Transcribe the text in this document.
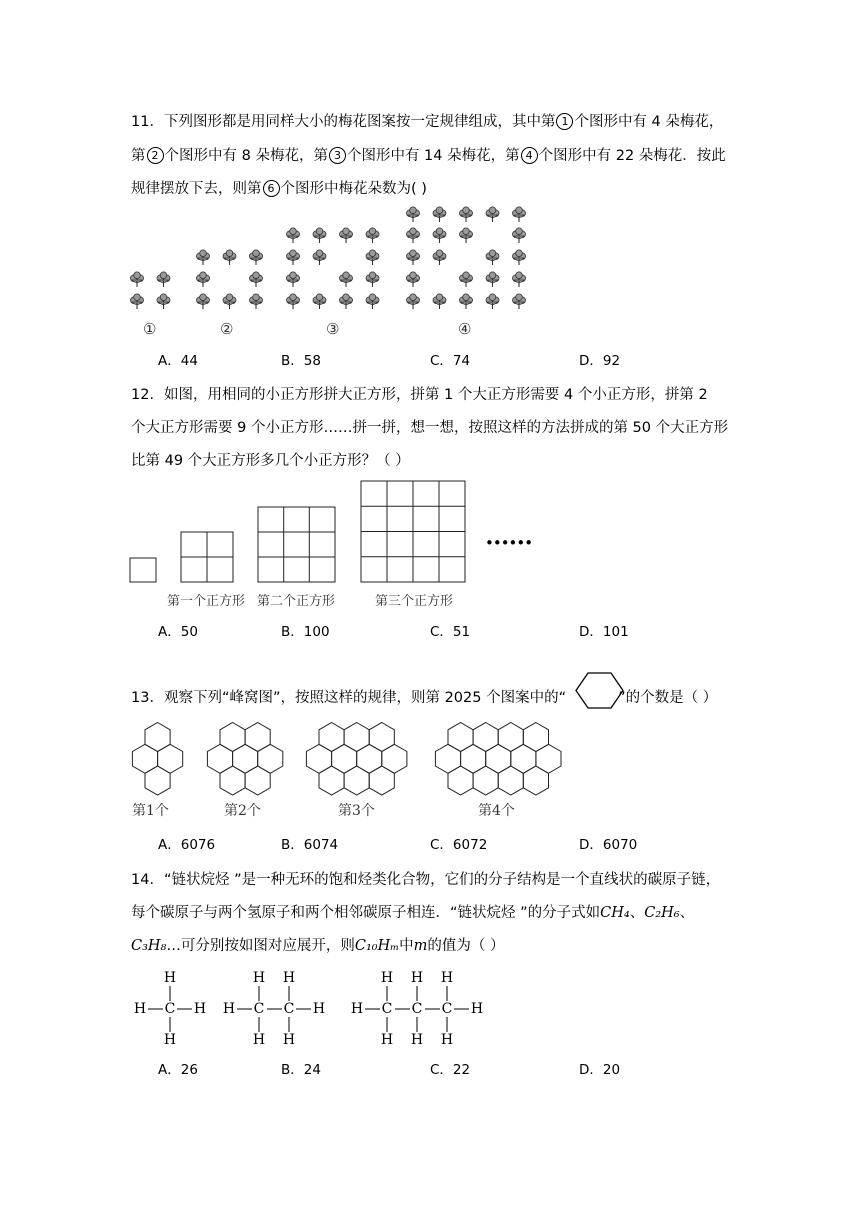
11．下列图形都是用同样大小的梅花图案按一定规律组成，其中第 1 个图形中有 4 朵梅花，
第 2 个图形中有 8 朵梅花，第 3 个图形中有 14 朵梅花，第 4 个图形中有 22 朵梅花．按此
规律摆放下去，则第 6 个图形中梅花朵数为( )
①	②	③	④
A．44	B．58	C．74	D．92
12．如图，用相同的小正方形拼大正方形，拼第 1 个大正方形需要 4 个小正方形，拼第 2
个大正方形需要 9 个小正方形……拼一拼，想一想，按照这样的方法拼成的第 50 个大正方形
比第 49 个大正方形多几个小正方形？（ ）
••••••
第一个正方形 第二个正方形	第三个正方形
A．50	B．100	C．51	D．101
13．观察下列“峰窝图”，按照这样的规律，则第 2025 个图案中的“	”的个数是（ ）
第1个	第2个	第3个	第4个
A．6076	B．6074	C．6072	D．6070
14．“链状烷烃 ”是一种无环的饱和烃类化合物，它们的分子结构是一个直线状的碳原子链，
每个碳原子与两个氢原子和两个相邻碳原子相连．“链状烷烃 ”的分子式如CH₄、C₂H₆、
C₃H₈…可分别按如图对应展开，则C₁₀Hₘ中m的值为（ ）
H C
H
H
H H C
H
H
C
H
H
H H C
H
H
C
H
H
C
H
H
H
A．26	B．24	C．22	D．20
